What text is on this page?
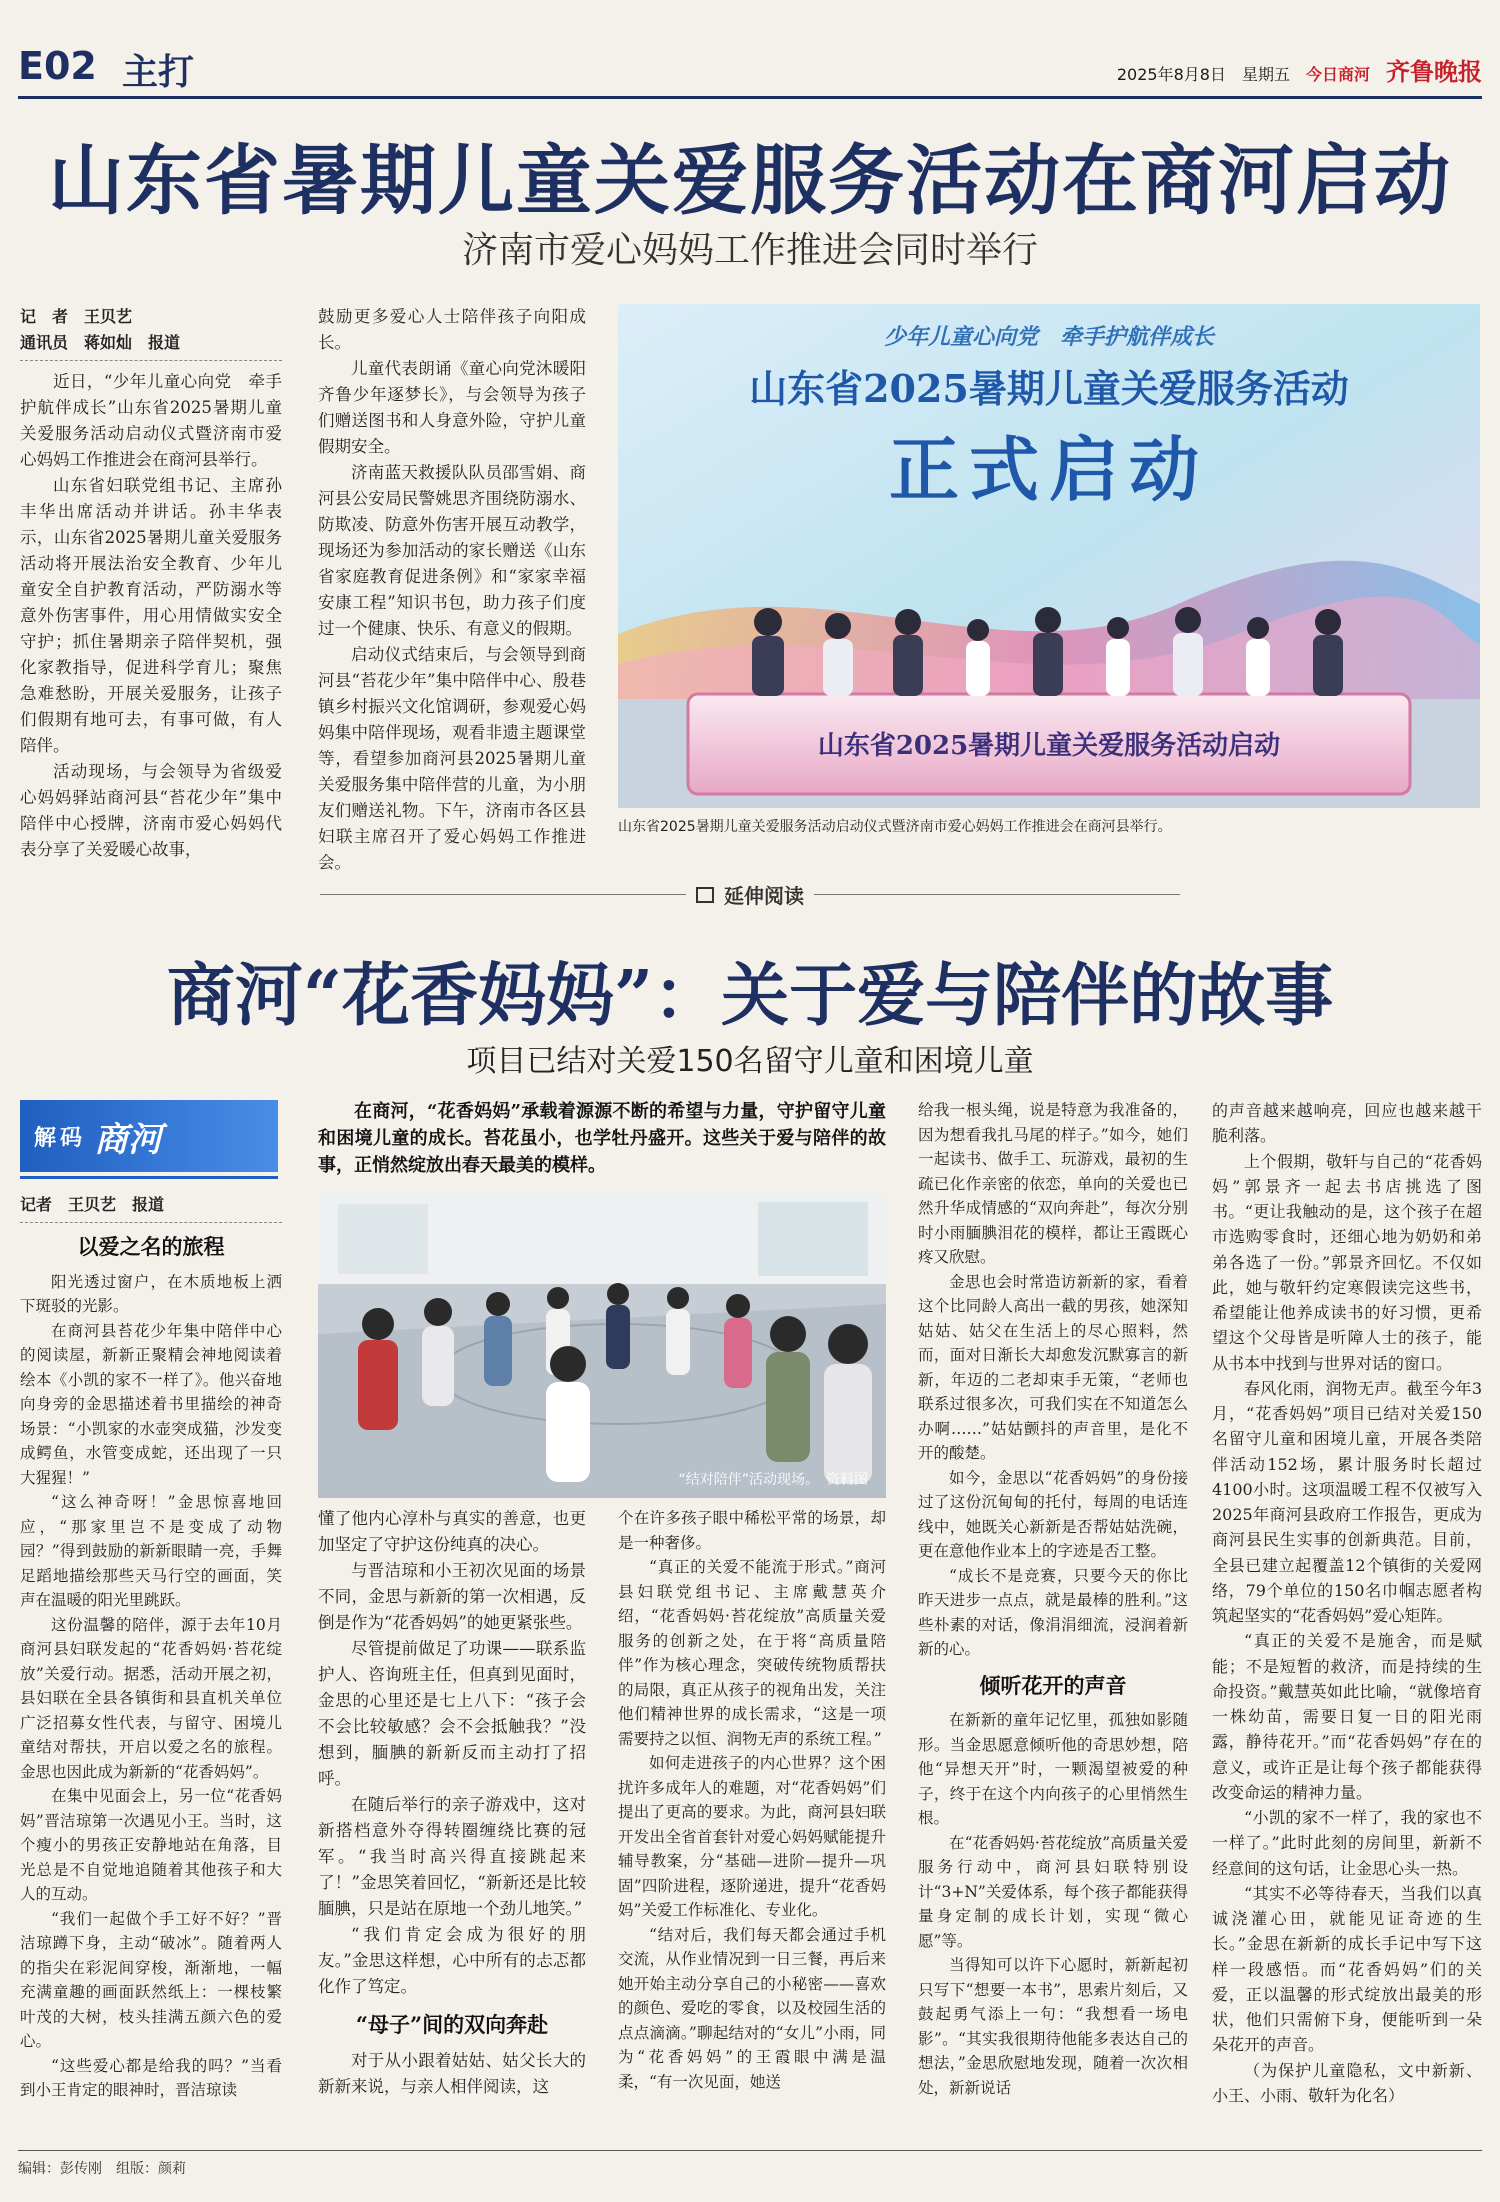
E02 主打	2025年8月8日 星期五 今日商河 齐鲁晚报
山东省暑期儿童关爱服务活动在商河启动
济南市爱心妈妈工作推进会同时举行
记　者　王贝艺
通讯员　蒋如灿　报道

近日，“少年儿童心向党　牵手护航伴成长”山东省2025暑期儿童关爱服务活动启动仪式暨济南市爱心妈妈工作推进会在商河县举行。

山东省妇联党组书记、主席孙丰华出席活动并讲话。孙丰华表示，山东省2025暑期儿童关爱服务活动将开展法治安全教育、少年儿童安全自护教育活动，严防溺水等意外伤害事件，用心用情做实安全守护；抓住暑期亲子陪伴契机，强化家教指导，促进科学育儿；聚焦急难愁盼，开展关爱服务，让孩子们假期有地可去，有事可做，有人陪伴。

活动现场，与会领导为省级爱心妈妈驿站商河县“苔花少年”集中陪伴中心授牌，济南市爱心妈妈代表分享了关爱暖心故事，

鼓励更多爱心人士陪伴孩子向阳成长。

儿童代表朗诵《童心向党沐暖阳　齐鲁少年逐梦长》，与会领导为孩子们赠送图书和人身意外险，守护儿童假期安全。

济南蓝天救援队队员邵雪娟、商河县公安局民警姚思齐围绕防溺水、防欺凌、防意外伤害开展互动教学，现场还为参加活动的家长赠送《山东省家庭教育促进条例》和“家家幸福安康工程”知识书包，助力孩子们度过一个健康、快乐、有意义的假期。

启动仪式结束后，与会领导到商河县“苔花少年”集中陪伴中心、殷巷镇乡村振兴文化馆调研，参观爱心妈妈集中陪伴现场，观看非遗主题课堂等，看望参加商河县2025暑期儿童关爱服务集中陪伴营的儿童，为小朋友们赠送礼物。下午，济南市各区县妇联主席召开了爱心妈妈工作推进会。

少年儿童心向党　牵手护航伴成长
山东省2025暑期儿童关爱服务活动
正式启动
山东省2025暑期儿童关爱服务活动启动
山东省2025暑期儿童关爱服务活动启动仪式暨济南市爱心妈妈工作推进会在商河县举行。
延伸阅读
商河“花香妈妈”：关于爱与陪伴的故事
项目已结对关爱150名留守儿童和困境儿童
解码 商河
记者　王贝艺　报道
以爱之名的旅程

阳光透过窗户，在木质地板上洒下斑驳的光影。

在商河县苔花少年集中陪伴中心的阅读屋，新新正聚精会神地阅读着绘本《小凯的家不一样了》。他兴奋地向身旁的金思描述着书里描绘的神奇场景：“小凯家的水壶突成猫，沙发变成鳄鱼，水管变成蛇，还出现了一只大猩猩！”

“这么神奇呀！”金思惊喜地回应，“那家里岂不是变成了动物园？”得到鼓励的新新眼睛一亮，手舞足蹈地描绘那些天马行空的画面，笑声在温暖的阳光里跳跃。

这份温馨的陪伴，源于去年10月商河县妇联发起的“花香妈妈·苔花绽放”关爱行动。据悉，活动开展之初，县妇联在全县各镇街和县直机关单位广泛招募女性代表，与留守、困境儿童结对帮扶，开启以爱之名的旅程。金思也因此成为新新的“花香妈妈”。

在集中见面会上，另一位“花香妈妈”晋洁琼第一次遇见小王。当时，这个瘦小的男孩正安静地站在角落，目光总是不自觉地追随着其他孩子和大人的互动。

“我们一起做个手工好不好？”晋洁琼蹲下身，主动“破冰”。随着两人的指尖在彩泥间穿梭，渐渐地，一幅充满童趣的画面跃然纸上：一棵枝繁叶茂的大树，枝头挂满五颜六色的爱心。

“这些爱心都是给我的吗？”当看到小王肯定的眼神时，晋洁琼读

在商河，“花香妈妈”承载着源源不断的希望与力量，守护留守儿童和困境儿童的成长。苔花虽小，也学牡丹盛开。这些关于爱与陪伴的故事，正悄然绽放出春天最美的模样。

“结对陪伴”活动现场。　资料图

懂了他内心淳朴与真实的善意，也更加坚定了守护这份纯真的决心。

与晋洁琼和小王初次见面的场景不同，金思与新新的第一次相遇，反倒是作为“花香妈妈”的她更紧张些。

尽管提前做足了功课——联系监护人、咨询班主任，但真到见面时，金思的心里还是七上八下：“孩子会不会比较敏感？会不会抵触我？”没想到，腼腆的新新反而主动打了招呼。

在随后举行的亲子游戏中，这对新搭档意外夺得转圈缠绕比赛的冠军。“我当时高兴得直接跳起来了！”金思笑着回忆，“新新还是比较腼腆，只是站在原地一个劲儿地笑。”

“我们肯定会成为很好的朋友。”金思这样想，心中所有的忐忑都化作了笃定。

“母子”间的双向奔赴

对于从小跟着姑姑、姑父长大的新新来说，与亲人相伴阅读，这

个在许多孩子眼中稀松平常的场景，却是一种奢侈。

“真正的关爱不能流于形式。”商河县妇联党组书记、主席戴慧英介绍，“花香妈妈·苔花绽放”高质量关爱服务的创新之处，在于将“高质量陪伴”作为核心理念，突破传统物质帮扶的局限，真正从孩子的视角出发，关注他们精神世界的成长需求，“这是一项需要持之以恒、润物无声的系统工程。”

如何走进孩子的内心世界？这个困扰许多成年人的难题，对“花香妈妈”们提出了更高的要求。为此，商河县妇联开发出全省首套针对爱心妈妈赋能提升辅导教案，分“基础—进阶—提升—巩固”四阶进程，逐阶递进，提升“花香妈妈”关爱工作标准化、专业化。

“结对后，我们每天都会通过手机交流，从作业情况到一日三餐，再后来她开始主动分享自己的小秘密——喜欢的颜色、爱吃的零食，以及校园生活的点点滴滴。”聊起结对的“女儿”小雨，同为“花香妈妈”的王霞眼中满是温柔，“有一次见面，她送

给我一根头绳，说是特意为我准备的，因为想看我扎马尾的样子。”如今，她们一起读书、做手工、玩游戏，最初的生疏已化作亲密的依恋，单向的关爱也已然升华成情感的“双向奔赴”，每次分别时小雨腼腆泪花的模样，都让王霞既心疼又欣慰。

金思也会时常造访新新的家，看着这个比同龄人高出一截的男孩，她深知姑姑、姑父在生活上的尽心照料，然而，面对日渐长大却愈发沉默寡言的新新，年迈的二老却束手无策，“老师也联系过很多次，可我们实在不知道怎么办啊……”姑姑颤抖的声音里，是化不开的酸楚。

如今，金思以“花香妈妈”的身份接过了这份沉甸甸的托付，每周的电话连线中，她既关心新新是否帮姑姑洗碗，更在意他作业本上的字迹是否工整。

“成长不是竞赛，只要今天的你比昨天进步一点点，就是最棒的胜利。”这些朴素的对话，像涓涓细流，浸润着新新的心。

倾听花开的声音

在新新的童年记忆里，孤独如影随形。当金思愿意倾听他的奇思妙想，陪他“异想天开”时，一颗渴望被爱的种子，终于在这个内向孩子的心里悄然生根。

在“花香妈妈·苔花绽放”高质量关爱服务行动中，商河县妇联特别设计“3+N”关爱体系，每个孩子都能获得量身定制的成长计划，实现“微心愿”等。

当得知可以许下心愿时，新新起初只写下“想要一本书”，思索片刻后，又鼓起勇气添上一句：“我想看一场电影”。“其实我很期待他能多表达自己的想法，”金思欣慰地发现，随着一次次相处，新新说话

的声音越来越响亮，回应也越来越干脆利落。

上个假期，敬轩与自己的“花香妈妈”郭景齐一起去书店挑选了图书。“更让我触动的是，这个孩子在超市选购零食时，还细心地为奶奶和弟弟各选了一份。”郭景齐回忆。不仅如此，她与敬轩约定寒假读完这些书，希望能让他养成读书的好习惯，更希望这个父母皆是听障人士的孩子，能从书本中找到与世界对话的窗口。

春风化雨，润物无声。截至今年3月，“花香妈妈”项目已结对关爱150名留守儿童和困境儿童，开展各类陪伴活动152场，累计服务时长超过4100小时。这项温暖工程不仅被写入2025年商河县政府工作报告，更成为商河县民生实事的创新典范。目前，全县已建立起覆盖12个镇街的关爱网络，79个单位的150名巾帼志愿者构筑起坚实的“花香妈妈”爱心矩阵。

“真正的关爱不是施舍，而是赋能；不是短暂的救济，而是持续的生命投资。”戴慧英如此比喻，“就像培育一株幼苗，需要日复一日的阳光雨露，静待花开。”而“花香妈妈”存在的意义，或许正是让每个孩子都能获得改变命运的精神力量。

“小凯的家不一样了，我的家也不一样了。”此时此刻的房间里，新新不经意间的这句话，让金思心头一热。

“其实不必等待春天，当我们以真诚浇灌心田，就能见证奇迹的生长。”金思在新新的成长手记中写下这样一段感悟。而“花香妈妈”们的关爱，正以温馨的形式绽放出最美的形状，他们只需俯下身，便能听到一朵朵花开的声音。

（为保护儿童隐私，文中新新、小王、小雨、敬轩为化名）

编辑：彭传刚　组版：颜莉
